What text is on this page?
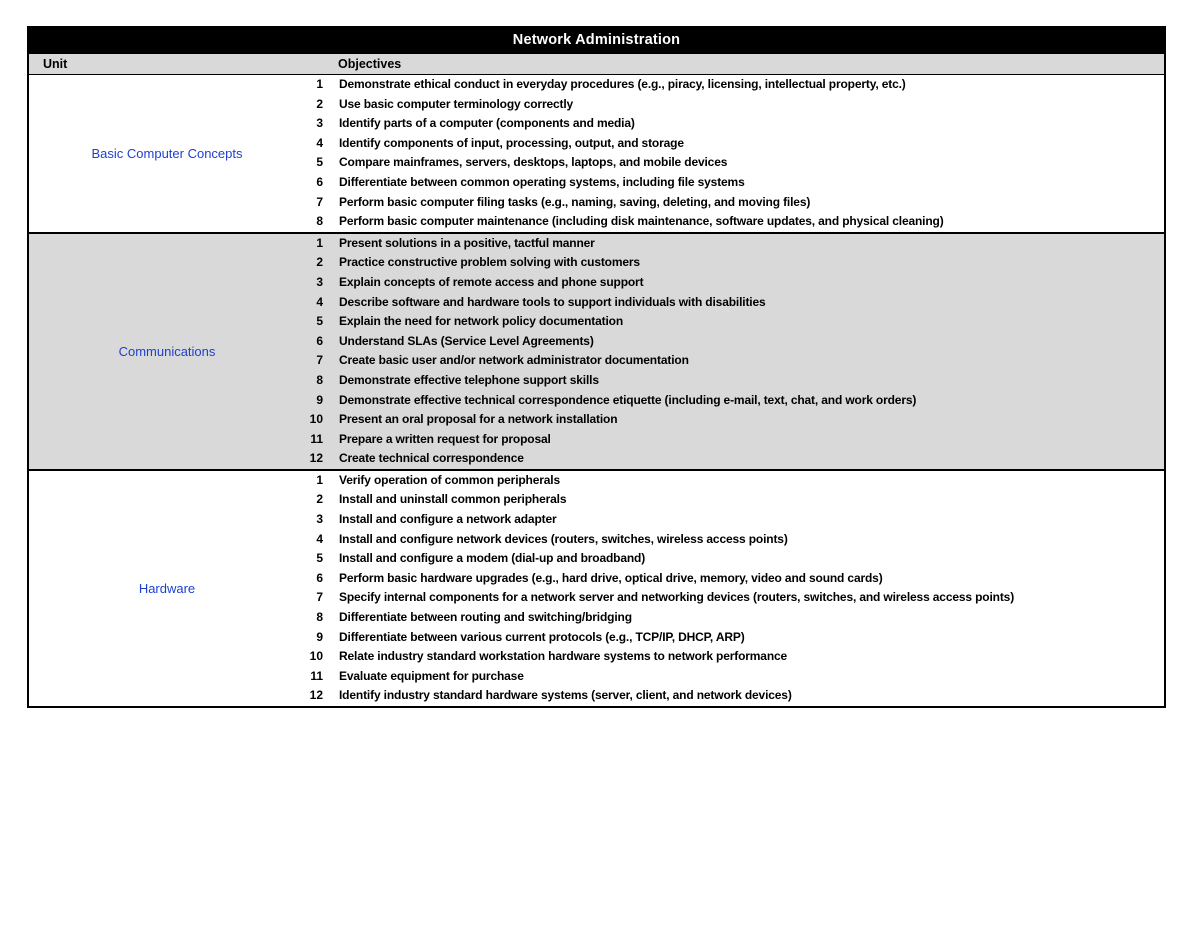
Network Administration
Unit	Objectives
Basic Computer Concepts
1 Demonstrate ethical conduct in everyday procedures (e.g., piracy, licensing, intellectual property, etc.)
2 Use basic computer terminology correctly
3 Identify parts of a computer (components and media)
4 Identify components of input, processing, output, and storage
5 Compare mainframes, servers, desktops, laptops, and mobile devices
6 Differentiate between common operating systems, including file systems
7 Perform basic computer filing tasks (e.g., naming, saving, deleting, and moving files)
8 Perform basic computer maintenance (including disk maintenance, software updates, and physical cleaning)
Communications
1 Present solutions in a positive, tactful manner
2 Practice constructive problem solving with customers
3 Explain concepts of remote access and phone support
4 Describe software and hardware tools to support individuals with disabilities
5 Explain the need for network policy documentation
6 Understand SLAs (Service Level Agreements)
7 Create basic user and/or network administrator documentation
8 Demonstrate effective telephone support skills
9 Demonstrate effective technical correspondence etiquette (including e-mail, text, chat, and work orders)
10 Present an oral proposal for a network installation
11 Prepare a written request for proposal
12 Create technical correspondence
Hardware
1 Verify operation of common peripherals
2 Install and uninstall common peripherals
3 Install and configure a network adapter
4 Install and configure network devices (routers, switches, wireless access points)
5 Install and configure a modem (dial-up and broadband)
6 Perform basic hardware upgrades (e.g., hard drive, optical drive, memory, video and sound cards)
7 Specify internal components for a network server and networking devices (routers, switches, and wireless access points)
8 Differentiate between routing and switching/bridging
9 Differentiate between various current protocols (e.g., TCP/IP, DHCP, ARP)
10 Relate industry standard workstation hardware systems to network performance
11 Evaluate equipment for purchase
12 Identify industry standard hardware systems (server, client, and network devices)
